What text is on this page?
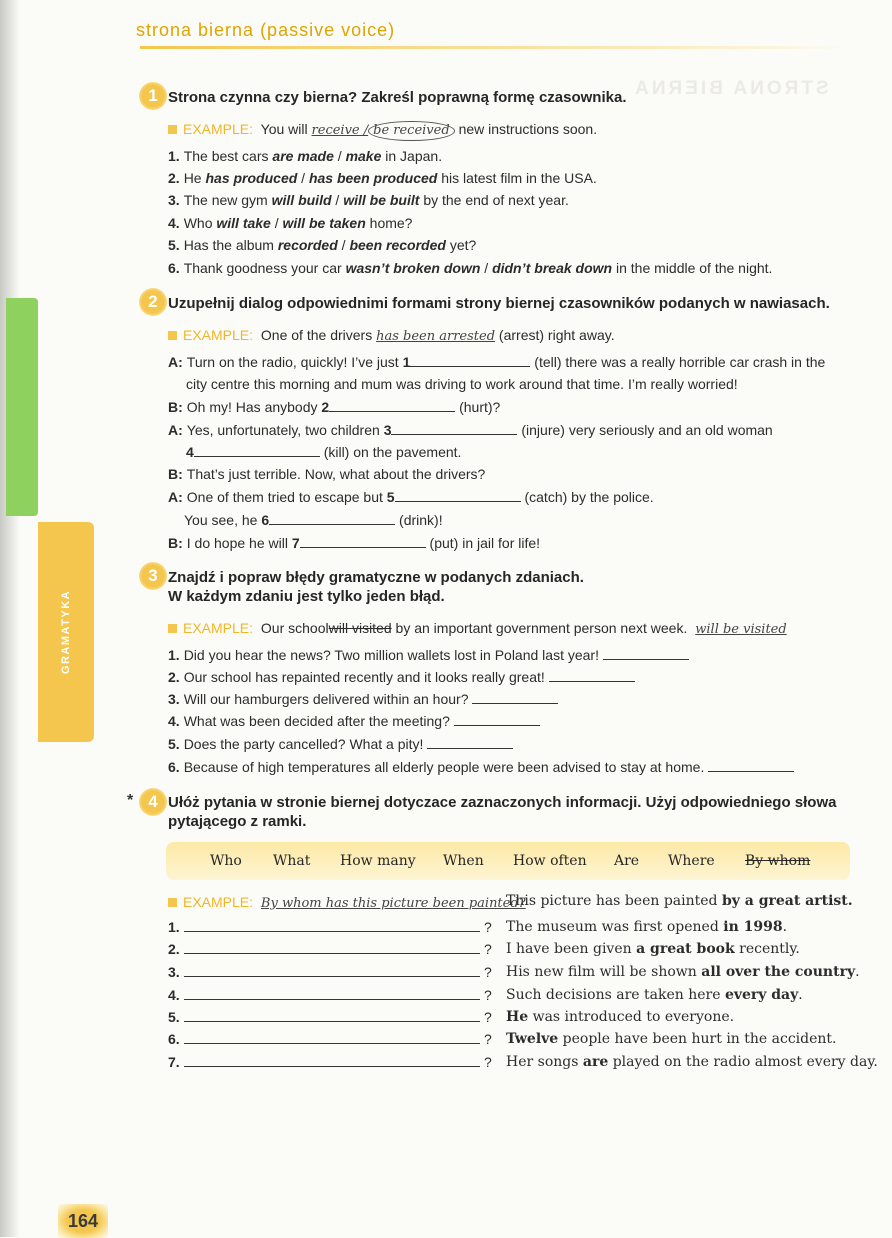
GRAMATYKA
strona bierna (passive voice)
STRONA BIERNA
1 Strona czynna czy bierna? Zakreśl poprawną formę czasownika.
EXAMPLE: You will receive / be received new instructions soon.
1. The best cars are made / make in Japan.
2. He has produced / has been produced his latest film in the USA.
3. The new gym will build / will be built by the end of next year.
4. Who will take / will be taken home?
5. Has the album recorded / been recorded yet?
6. Thank goodness your car wasn’t broken down / didn’t break down in the middle of the night.
2 Uzupełnij dialog odpowiednimi formami strony biernej czasowników podanych w nawiasach.
EXAMPLE: One of the drivers has been arrested (arrest) right away.
A: Turn on the radio, quickly! I’ve just 1	(tell) there was a really horrible car crash in the
city centre this morning and mum was driving to work around that time. I’m really worried!
B: Oh my! Has anybody 2	(hurt)?
A: Yes, unfortunately, two children 3	(injure) very seriously and an old woman
4	(kill) on the pavement.
B: That’s just terrible. Now, what about the drivers?
A: One of them tried to escape but 5	(catch) by the police.
You see, he 6	(drink)!
B: I do hope he will 7	(put) in jail for life!
3 Znajdź i popraw błędy gramatyczne w podanych zdaniach.
W każdym zdaniu jest tylko jeden błąd.
EXAMPLE: Our schoolwill visited by an important government person next week. will be visited
1. Did you hear the news? Two million wallets lost in Poland last year!
2. Our school has repainted recently and it looks really great!
3. Will our hamburgers delivered within an hour?
4. What was been decided after the meeting?
5. Does the party cancelled? What a pity!
6. Because of high temperatures all elderly people were been advised to stay at home.
* 4 Ułóż pytania w stronie biernej dotyczace zaznaczonych informacji. Użyj odpowiedniego słowa
pytającego z ramki.
Who What How many When How often Are Where By whom
EXAMPLE: By whom has this picture been painted?
This picture has been painted by a great artist.
1.	? The museum was first opened in 1998.
2.	? I have been given a great book recently.
3.	? His new film will be shown all over the country.
4.	? Such decisions are taken here every day.
5.	? He was introduced to everyone.
6.	? Twelve people have been hurt in the accident.
7.	? Her songs are played on the radio almost every day.
164
